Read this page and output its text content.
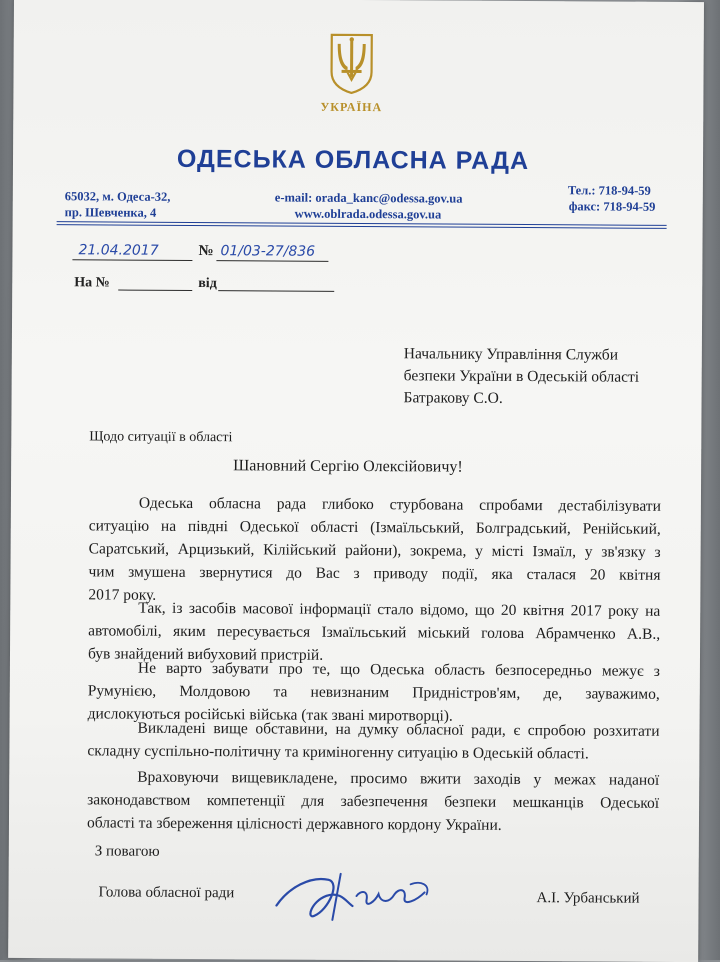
УКРАЇНА
ОДЕСЬКА ОБЛАСНА РАДА
65032, м. Одеса-32,
пр. Шевченка, 4
e-mail: orada_kanc@odessa.gov.ua
www.oblrada.odessa.gov.ua
Тел.: 718-94-59
факс: 718-94-59
21.04.2017	№ 01/03-27/836
На №	від
Начальнику Управління Служби
безпеки України в Одеській області
Батракову С.О.
Щодо ситуації в області
Шановний Сергію Олексійовичу!
Одеська обласна рада глибоко стурбована спробами дестабілізувати
ситуацію на півдні Одеської області (Ізмаїльський, Болградський, Ренійський,
Саратський, Арцизький, Кілійський райони), зокрема, у місті Ізмаїл, у зв'язку з
чим змушена звернутися до Вас з приводу події, яка сталася 20 квітня
2017 року.
Так, із засобів масової інформації стало відомо, що 20 квітня 2017 року на
автомобілі, яким пересувається Ізмаїльський міський голова Абрамченко А.В.,
був знайдений вибуховий пристрій.
Не варто забувати про те, що Одеська область безпосередньо межує з
Румунією, Молдовою та невизнаним Придністров'ям, де, зауважимо,
дислокуються російські війська (так звані миротворці).
Викладені вище обставини, на думку обласної ради, є спробою розхитати
складну суспільно-політичну та криміногенну ситуацію в Одеській області.
Враховуючи вищевикладене, просимо вжити заходів у межах наданої
законодавством компетенції для забезпечення безпеки мешканців Одеської
області та збереження цілісності державного кордону України.
З повагою
Голова обласної ради	А.І. Урбанський
